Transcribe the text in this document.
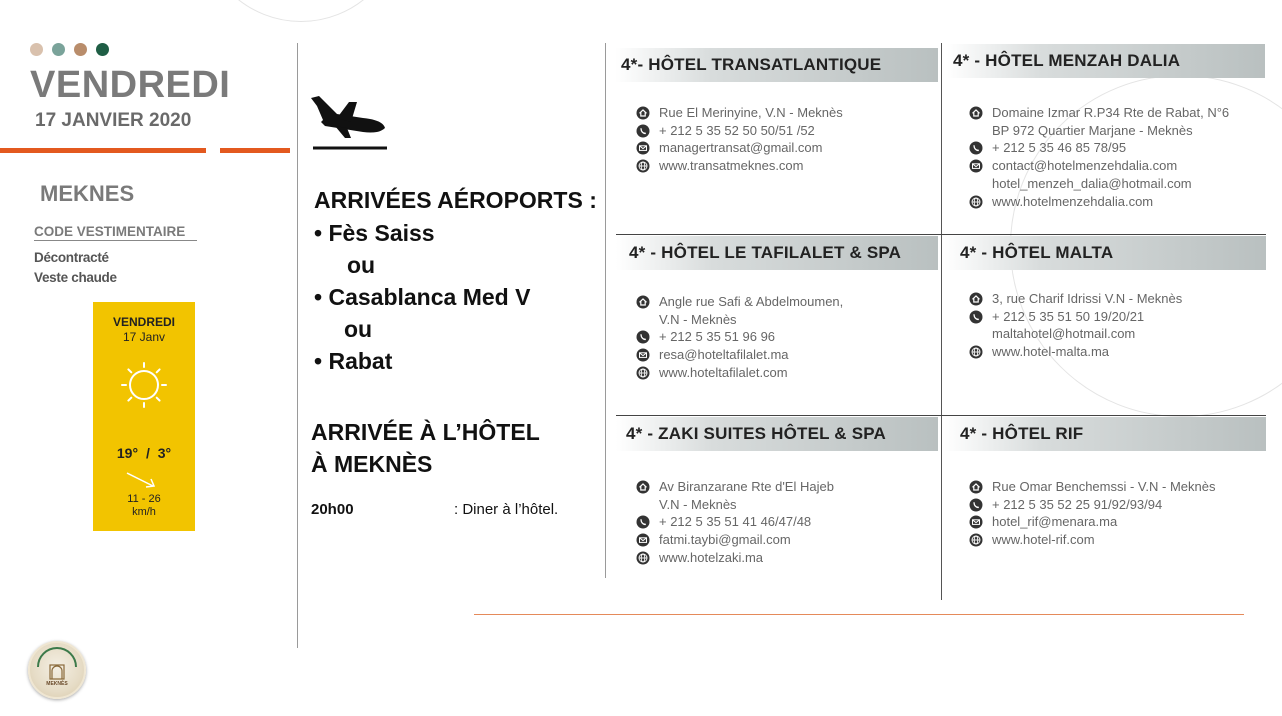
VENDREDI
17 JANVIER 2020
MEKNES
CODE VESTIMENTAIRE
Décontracté
Veste chaude
VENDREDI
17 Janv
19° / 3°
11 - 26
km/h
ARRIVÉES AÉROPORTS :
• Fès Saiss
ou
• Casablanca Med V
ou
• Rabat
ARRIVÉE À L’HÔTEL
À MEKNÈS
20h00	: Diner à l’hôtel.
4*- HÔTEL TRANSATLANTIQUE	4* - HÔTEL MENZAH DALIA
4* - HÔTEL LE TAFILALET & SPA	4* - HÔTEL MALTA
4* - ZAKI SUITES HÔTEL & SPA	4* - HÔTEL RIF
Rue El Merinyine, V.N - Meknès
+ 212 5 35 52 50 50/51 /52
managertransat@gmail.com
www.transatmeknes.com
Domaine Izmar R.P34 Rte de Rabat, N°6
BP 972 Quartier Marjane - Meknès
+ 212 5 35 46 85 78/95
contact@hotelmenzehdalia.com
hotel_menzeh_dalia@hotmail.com
www.hotelmenzehdalia.com
Angle rue Safi & Abdelmoumen,
V.N - Meknès
+ 212 5 35 51 96 96
resa@hoteltafilalet.ma
www.hoteltafilalet.com
3, rue Charif Idrissi V.N - Meknès
+ 212 5 35 51 50 19/20/21
maltahotel@hotmail.com
www.hotel-malta.ma
Av Biranzarane Rte d'El Hajeb
V.N - Meknès
+ 212 5 35 51 41 46/47/48
fatmi.taybi@gmail.com
www.hotelzaki.ma
Rue Omar Benchemssi - V.N - Meknès
+ 212 5 35 52 25 91/92/93/94
hotel_rif@menara.ma
www.hotel-rif.com
MEKNÈS
